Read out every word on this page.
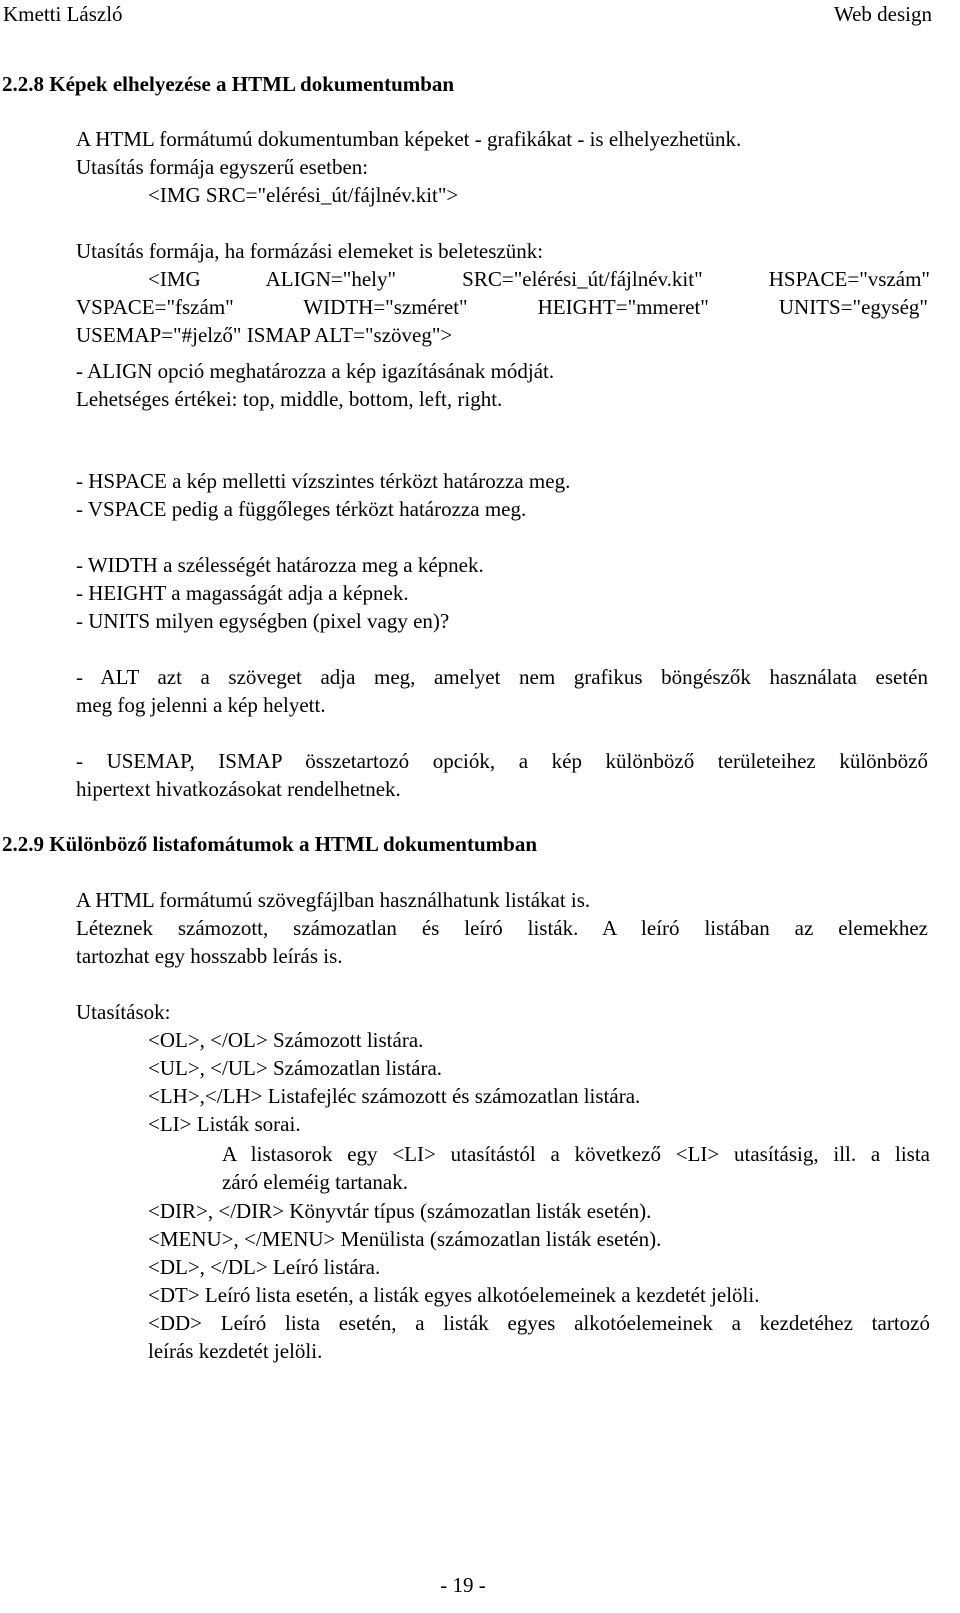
Kmetti László	Web design
2.2.8 Képek elhelyezése a HTML dokumentumban

A HTML formátumú dokumentumban képeket - grafikákat - is elhelyezhetünk.

Utasítás formája egyszerű esetben:

<IMG SRC="elérési_út/fájlnév.kit">

Utasítás formája, ha formázási elemeket is beleteszünk:

<IMG ALIGN="hely" SRC="elérési_út/fájlnév.kit" HSPACE="vszám"

VSPACE="fszám" WIDTH="szméret" HEIGHT="mmeret" UNITS="egység"

USEMAP="#jelző" ISMAP ALT="szöveg">

- ALIGN opció meghatározza a kép igazításának módját.

Lehetséges értékei: top, middle, bottom, left, right.

- HSPACE a kép melletti vízszintes térközt határozza meg.

- VSPACE pedig a függőleges térközt határozza meg.

- WIDTH a szélességét határozza meg a képnek.

- HEIGHT a magasságát adja a képnek.

- UNITS milyen egységben (pixel vagy en)?

- ALT azt a szöveget adja meg, amelyet nem grafikus böngészők használata esetén

meg fog jelenni a kép helyett.

- USEMAP, ISMAP összetartozó opciók, a kép különböző területeihez különböző

hipertext hivatkozásokat rendelhetnek.

2.2.9 Különböző listafomátumok a HTML dokumentumban

A HTML formátumú szövegfájlban használhatunk listákat is.

Léteznek számozott, számozatlan és leíró listák. A leíró listában az elemekhez

tartozhat egy hosszabb leírás is.

Utasítások:

<OL>, </OL> Számozott listára.

<UL>, </UL> Számozatlan listára.

<LH>,</LH> Listafejléc számozott és számozatlan listára.

<LI> Listák sorai.

A listasorok egy <LI> utasítástól a következő <LI> utasításig, ill. a lista

záró eleméig tartanak.

<DIR>, </DIR> Könyvtár típus (számozatlan listák esetén).

<MENU>, </MENU> Menülista (számozatlan listák esetén).

<DL>, </DL> Leíró listára.

<DT> Leíró lista esetén, a listák egyes alkotóelemeinek a kezdetét jelöli.

<DD> Leíró lista esetén, a listák egyes alkotóelemeinek a kezdetéhez tartozó

leírás kezdetét jelöli.

- 19 -
